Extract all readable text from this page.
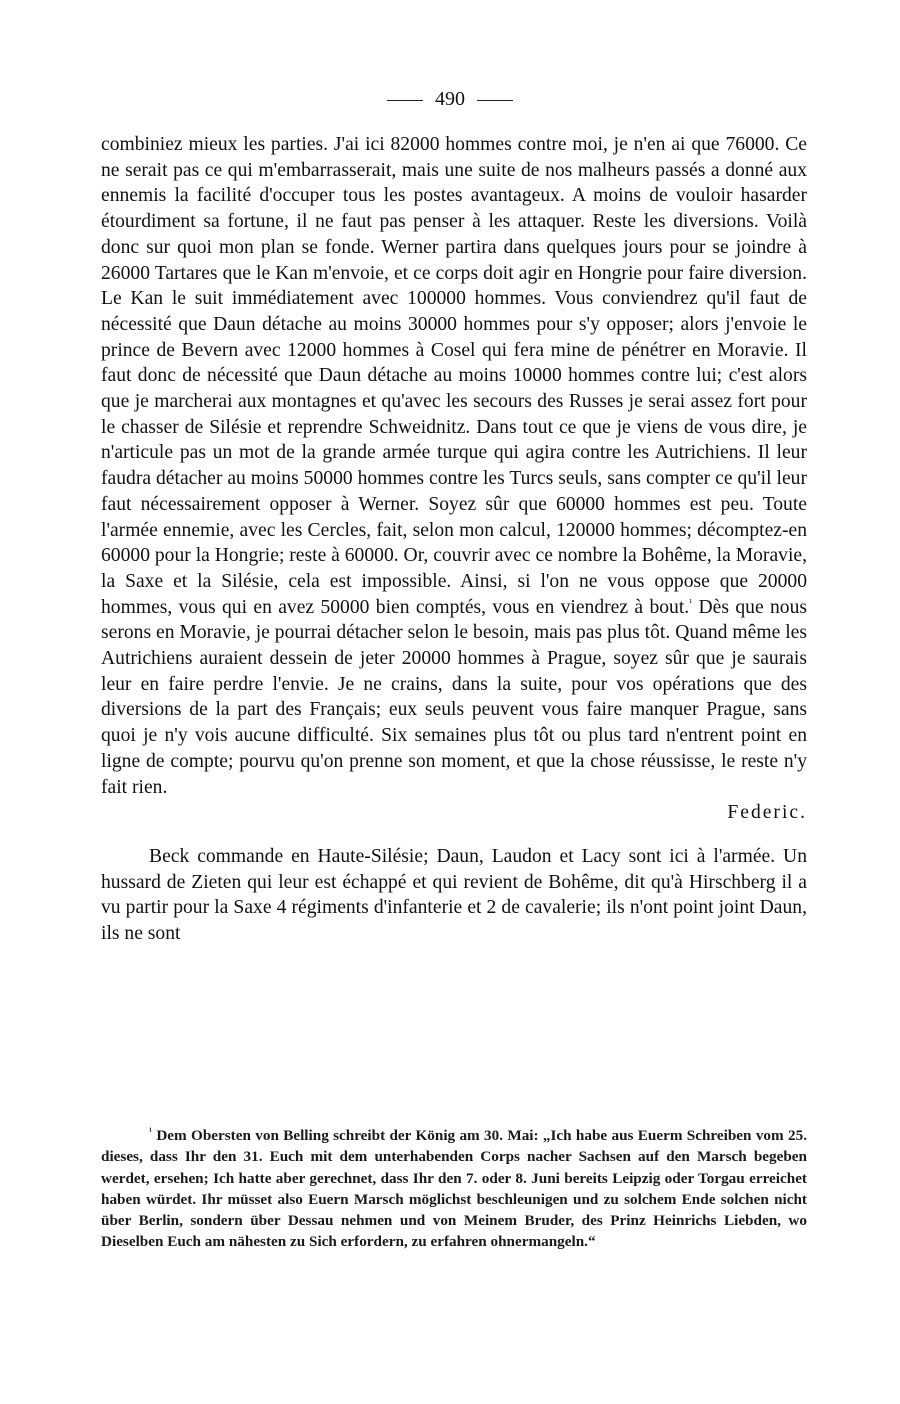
490

combiniez mieux les parties. J'ai ici 82000 hommes contre moi, je n'en ai que 76000. Ce ne serait pas ce qui m'embarrasserait, mais une suite de nos malheurs passés a donné aux ennemis la facilité d'occuper tous les postes avantageux. A moins de vouloir hasarder étourdiment sa fortune, il ne faut pas penser à les attaquer. Reste les diversions. Voilà donc sur quoi mon plan se fonde. Werner partira dans quelques jours pour se joindre à 26000 Tartares que le Kan m'envoie, et ce corps doit agir en Hongrie pour faire diversion. Le Kan le suit immédiatement avec 100000 hommes. Vous conviendrez qu'il faut de nécessité que Daun détache au moins 30000 hommes pour s'y opposer; alors j'envoie le prince de Bevern avec 12000 hommes à Cosel qui fera mine de pénétrer en Moravie. Il faut donc de nécessité que Daun détache au moins 10000 hommes contre lui; c'est alors que je marcherai aux montagnes et qu'avec les secours des Russes je serai assez fort pour le chasser de Silésie et reprendre Schweidnitz. Dans tout ce que je viens de vous dire, je n'articule pas un mot de la grande armée turque qui agira contre les Autrichiens. Il leur faudra détacher au moins 50000 hommes contre les Turcs seuls, sans compter ce qu'il leur faut nécessairement opposer à Werner. Soyez sûr que 60000 hommes est peu. Toute l'armée ennemie, avec les Cercles, fait, selon mon calcul, 120000 hommes; décomptez-en 60000 pour la Hongrie; reste à 60000. Or, couvrir avec ce nombre la Bohême, la Moravie, la Saxe et la Silésie, cela est impossible. Ainsi, si l'on ne vous oppose que 20000 hommes, vous qui en avez 50000 bien comptés, vous en viendrez à bout.$^{^1}$ Dès que nous serons en Moravie, je pourrai détacher selon le besoin, mais pas plus tôt. Quand même les Autrichiens auraient dessein de jeter 20000 hommes à Prague, soyez sûr que je saurais leur en faire perdre l'envie. Je ne crains, dans la suite, pour vos opérations que des diversions de la part des Français; eux seuls peuvent vous faire manquer Prague, sans quoi je n'y vois aucune difficulté. Six semaines plus tôt ou plus tard n'entrent point en ligne de compte; pourvu qu'on prenne son moment, et que la chose réussisse, le reste n'y fait rien.

Federic.

Beck commande en Haute-Silésie; Daun, Laudon et Lacy sont ici à l'armée. Un hussard de Zieten qui leur est échappé et qui revient de Bohême, dit qu'à Hirschberg il a vu partir pour la Saxe 4 régiments d'infanterie et 2 de cavalerie; ils n'ont point joint Daun, ils ne sont

$^{^1}$ Dem Obersten von Belling schreibt der König am 30. Mai: „Ich habe aus Euerm Schreiben vom 25. dieses, dass Ihr den 31. Euch mit dem unterhabenden Corps nacher Sachsen auf den Marsch begeben werdet, ersehen; Ich hatte aber gerechnet, dass Ihr den 7. oder 8. Juni bereits Leipzig oder Torgau erreichet haben würdet. Ihr müsset also Euern Marsch möglichst beschleunigen und zu solchem Ende solchen nicht über Berlin, sondern über Dessau nehmen und von Meinem Bruder, des Prinz Heinrichs Liebden, wo Dieselben Euch am nähesten zu Sich erfordern, zu erfahren ohnermangeln.“
